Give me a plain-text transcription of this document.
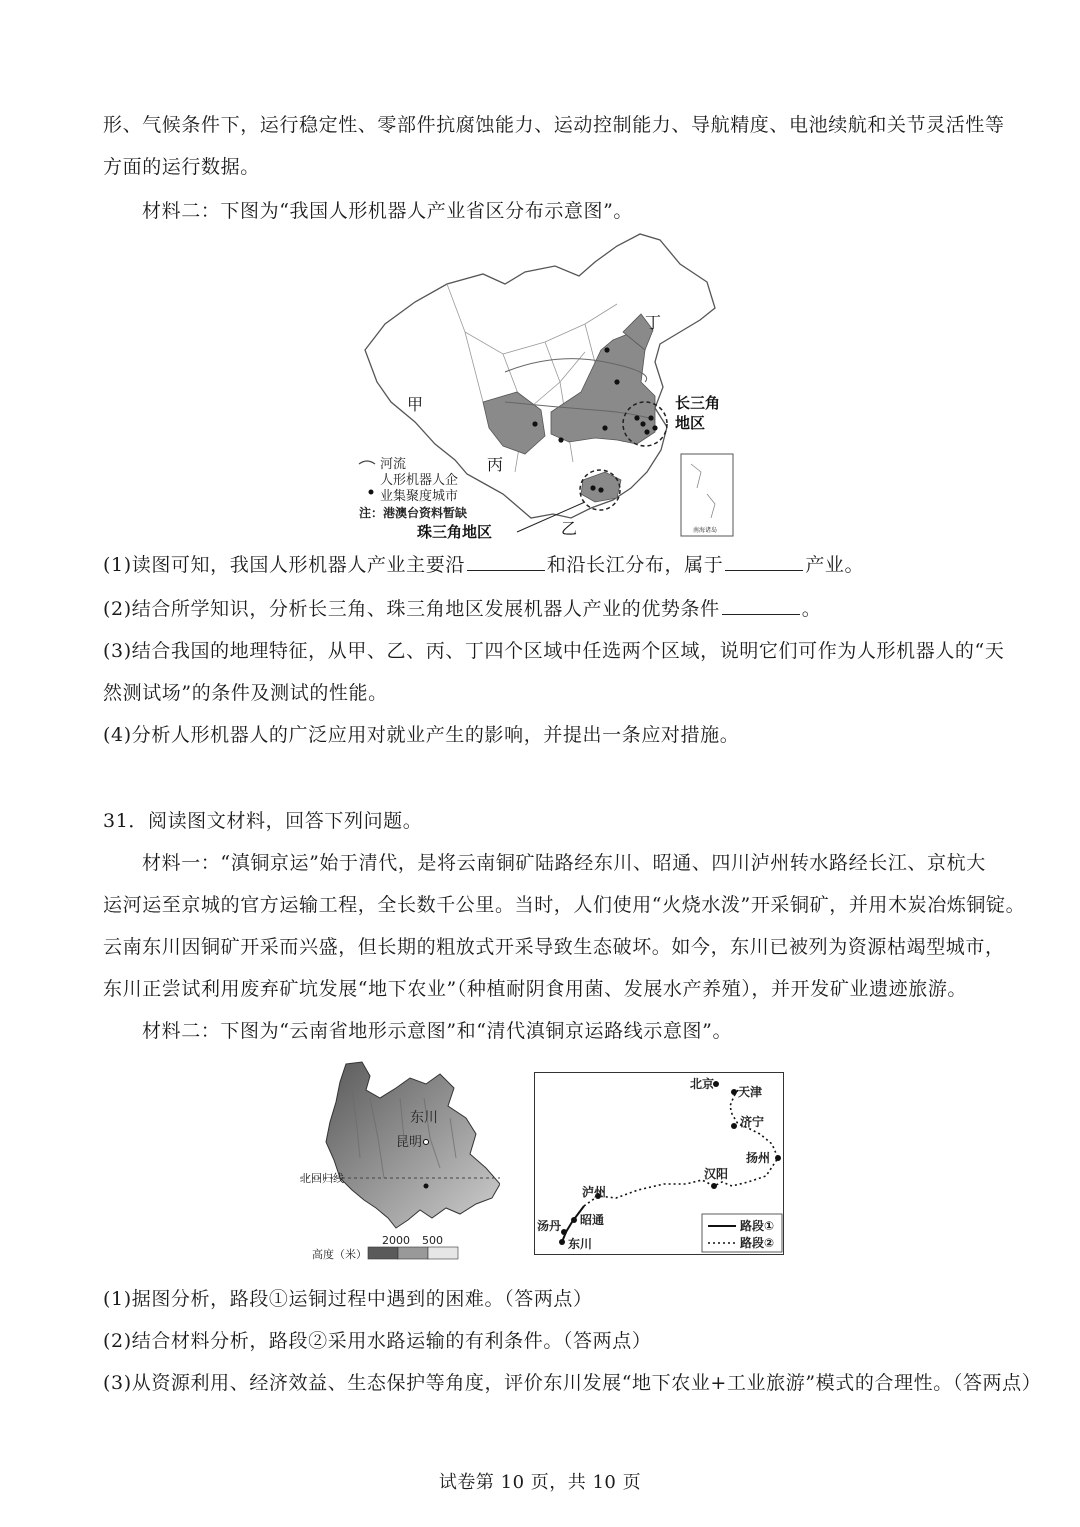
形、气候条件下，运行稳定性、零部件抗腐蚀能力、运动控制能力、导航精度、电池续航和关节灵活性等
方面的运行数据。
材料二：下图为“我国人形机器人产业省区分布示意图”。
甲
丙
乙
丁
长三角
地区
珠三角地区
河流
人形机器人企
业集聚度城市
注：港澳台资料暂缺
南海诸岛
(1)读图可知，我国人形机器人产业主要沿	和沿长江分布，属于	产业。
(2)结合所学知识，分析长三角、珠三角地区发展机器人产业的优势条件	。
(3)结合我国的地理特征，从甲、乙、丙、丁四个区域中任选两个区域，说明它们可作为人形机器人的“天
然测试场”的条件及测试的性能。
(4)分析人形机器人的广泛应用对就业产生的影响，并提出一条应对措施。
31．阅读图文材料，回答下列问题。
材料一：“滇铜京运”始于清代，是将云南铜矿陆路经东川、昭通、四川泸州转水路经长江、京杭大
运河运至京城的官方运输工程，全长数千公里。当时，人们使用“火烧水泼”开采铜矿，并用木炭冶炼铜锭。
云南东川因铜矿开采而兴盛，但长期的粗放式开采导致生态破坏。如今，东川已被列为资源枯竭型城市，
东川正尝试利用废弃矿坑发展“地下农业”（种植耐阴食用菌、发展水产养殖），并开发矿业遗迹旅游。
材料二：下图为“云南省地形示意图”和“清代滇铜京运路线示意图”。
东川
昆明
北回归线
高度（米）
2000 500
北京
天津
济宁
扬州
汉阳
泸州
昭通
汤丹
东川
路段①
路段②
(1)据图分析，路段①运铜过程中遇到的困难。（答两点）
(2)结合材料分析，路段②采用水路运输的有利条件。（答两点）
(3)从资源利用、经济效益、生态保护等角度，评价东川发展“地下农业+工业旅游”模式的合理性。（答两点）
试卷第 10 页，共 10 页
